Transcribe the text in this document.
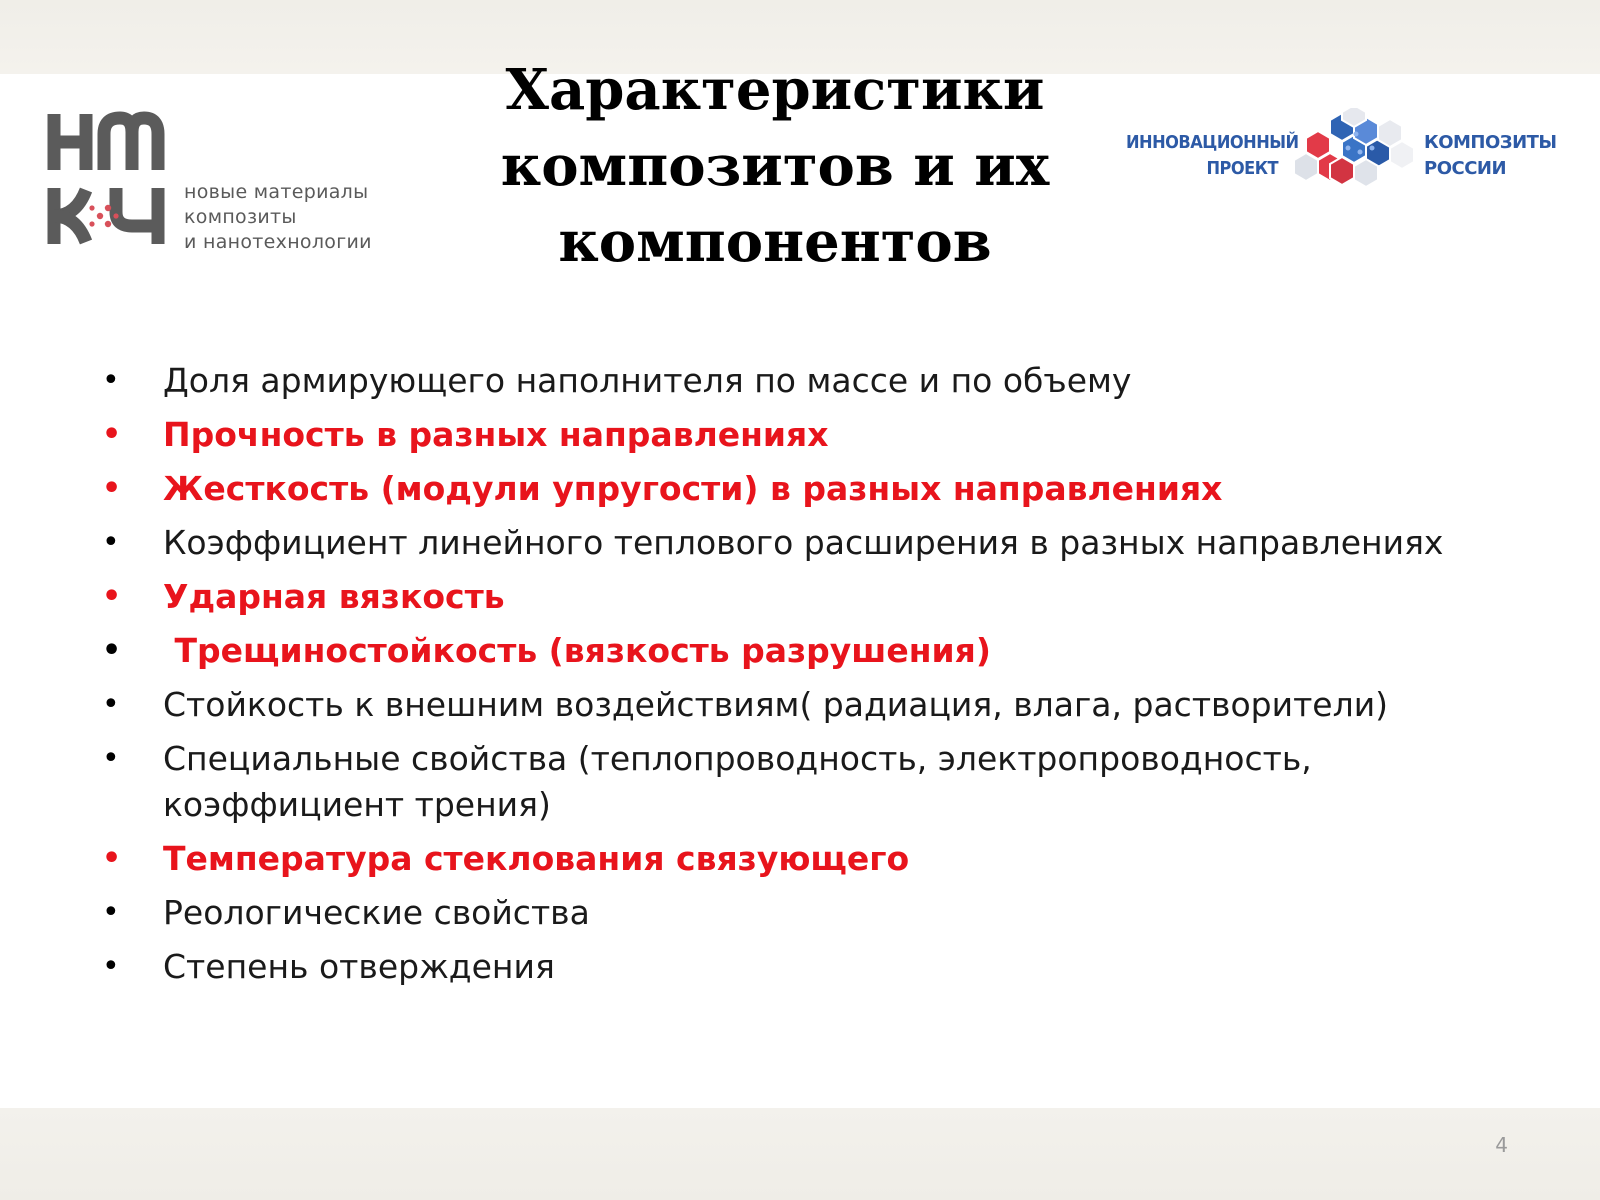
новые материалы
композиты
и нанотехнологии
Характеристики
композитов и их
компонентов
ИННОВАЦИОННЫЙ
ПРОЕКТ
КОМПОЗИТЫ
РОССИИ
• Доля армирующего наполнителя по массе и по объему
• Прочность в разных направлениях
• Жесткость (модули упругости) в разных направлениях
• Коэффициент линейного теплового расширения в разных направлениях
• Ударная вязкость
• Трещиностойкость (вязкость разрушения)
• Стойкость к внешним воздействиям( радиация, влага, растворители)
• Специальные свойства (теплопроводность, электропроводность, коэффициент трения)
• Температура стеклования связующего
• Реологические свойства
• Степень отверждения
4
